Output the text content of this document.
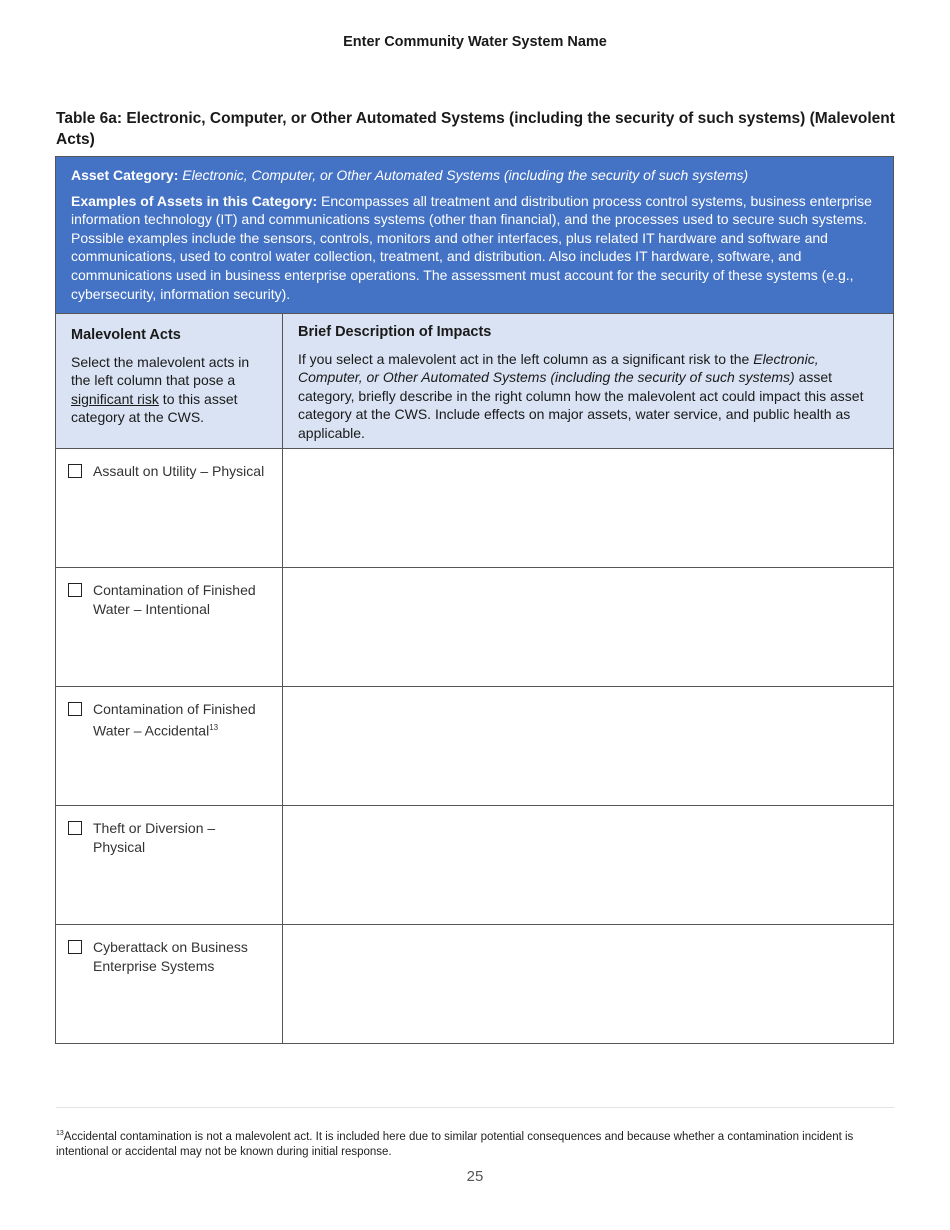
Enter Community Water System Name
Table 6a: Electronic, Computer, or Other Automated Systems (including the security of such systems) (Malevolent Acts)
Asset Category: Electronic, Computer, or Other Automated Systems (including the security of such systems)
Examples of Assets in this Category: Encompasses all treatment and distribution process control systems, business enterprise information technology (IT) and communications systems (other than financial), and the processes used to secure such systems. Possible examples include the sensors, controls, monitors and other interfaces, plus related IT hardware and software and communications, used to control water collection, treatment, and distribution. Also includes IT hardware, software, and communications used in business enterprise operations. The assessment must account for the security of these systems (e.g., cybersecurity, information security).
Malevolent Acts
Select the malevolent acts in the left column that pose a significant risk to this asset category at the CWS.
Brief Description of Impacts
If you select a malevolent act in the left column as a significant risk to the Electronic, Computer, or Other Automated Systems (including the security of such systems) asset category, briefly describe in the right column how the malevolent act could impact this asset category at the CWS. Include effects on major assets, water service, and public health as applicable.
Assault on Utility – Physical
Contamination of Finished Water – Intentional
Contamination of Finished Water – Accidental$^{13}$
Theft or Diversion – Physical
Cyberattack on Business Enterprise Systems
$^{13}$Accidental contamination is not a malevolent act. It is included here due to similar potential consequences and because whether a contamination incident is intentional or accidental may not be known during initial response.
25
